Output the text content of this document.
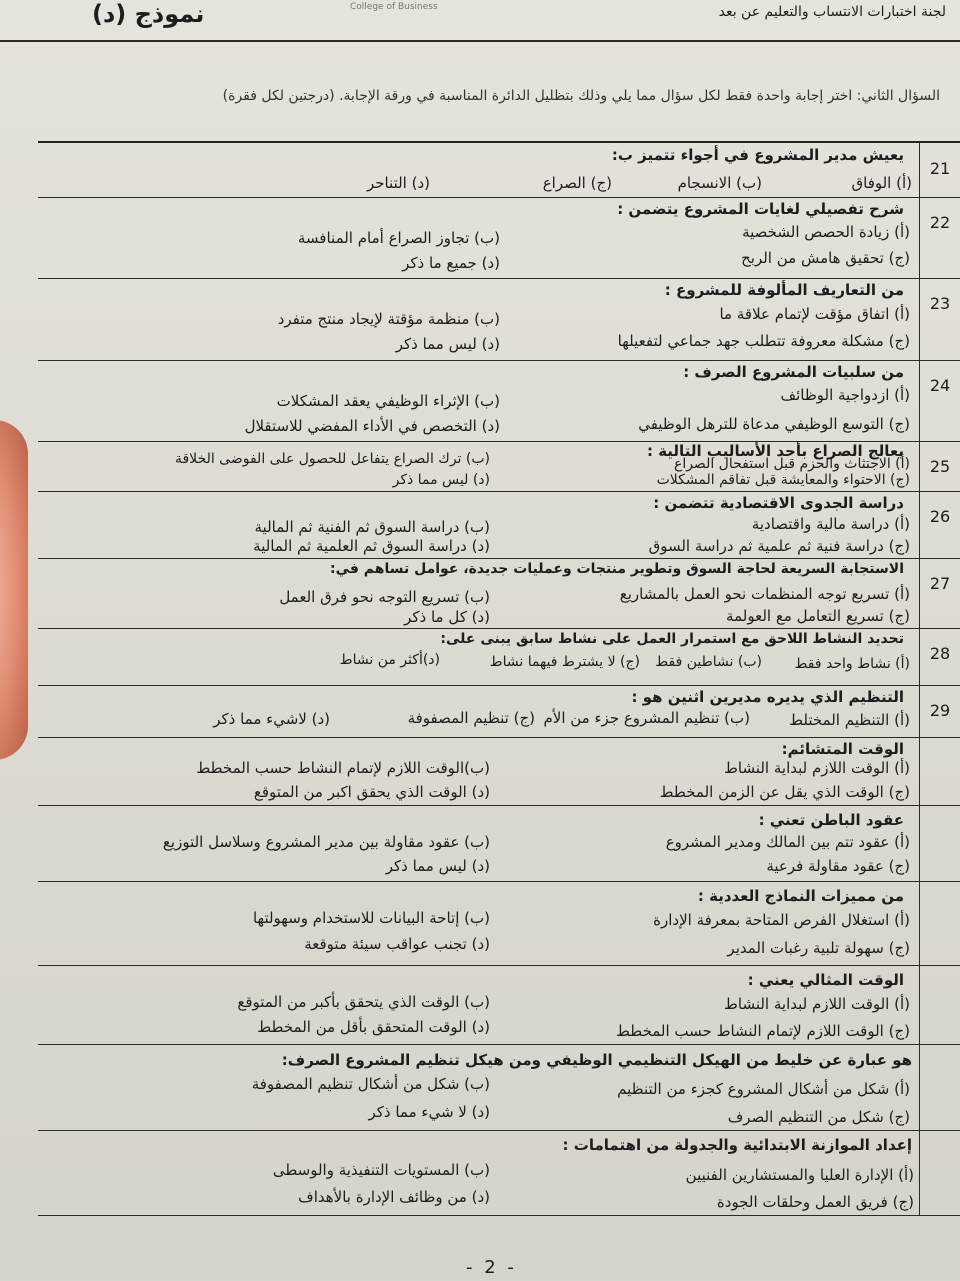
لجنة اختبارات الانتساب والتعليم عن بعد
College of Business
نموذج (د)
السؤال الثاني: اختر إجابة واحدة فقط لكل سؤال مما يلي وذلك بتظليل الدائرة المناسبة في ورقة الإجابة. (درجتين لكل فقرة)
21
يعيش مدير المشروع في أجواء تتميز ب:
(أ) الوفاق
(ب) الانسجام
(ج) الصراع
(د) التناحر
22
شرح تفصيلي لغايات المشروع يتضمن :
(أ) زيادة الحصص الشخصية
(ب) تجاوز الصراع أمام المنافسة
(ج) تحقيق هامش من الربح
(د) جميع ما ذكر
23
من التعاريف المألوفة للمشروع :
(أ) اتفاق مؤقت لإتمام علاقة ما
(ب) منظمة مؤقتة لإيجاد منتج متفرد
(ج) مشكلة معروفة تتطلب جهد جماعي لتفعيلها
(د) ليس مما ذكر
24
من سلبيات المشروع الصرف :
(أ) ازدواجية الوظائف
(ب) الإثراء الوظيفي يعقد المشكلات
(ج) التوسع الوظيفي مدعاة للترهل الوظيفي
(د) التخصص في الأداء المفضي للاستقلال
25
يعالج الصراع بأحد الأساليب التالية :
(أ) الاجتثاث والحزم قبل استفحال الصراع
(ب) ترك الصراع يتفاعل للحصول على الفوضى الخلاقة
(ج) الاحتواء والمعايشة قبل تفاقم المشكلات
(د) ليس مما ذكر
26
دراسة الجدوى الاقتصادية تتضمن :
(أ) دراسة مالية واقتصادية
(ب) دراسة السوق ثم الفنية ثم المالية
(ج) دراسة فنية ثم علمية ثم دراسة السوق
(د) دراسة السوق ثم العلمية ثم المالية
27
الاستجابة السريعة لحاجة السوق وتطوير منتجات وعمليات جديدة، عوامل تساهم في:
(أ) تسريع توجه المنظمات نحو العمل بالمشاريع
(ب) تسريع التوجه نحو فرق العمل
(ج) تسريع التعامل مع العولمة
(د) كل ما ذكر
28
تحديد النشاط اللاحق مع استمرار العمل على نشاط سابق يبنى على:
(أ) نشاط واحد فقط
(ب) نشاطين فقط
(ج) لا يشترط فيهما نشاط
(د)أكثر من نشاط
29
التنظيم الذي يديره مديرين اثنين هو :
(أ) التنظيم المختلط
(ب) تنظيم المشروع جزء من الأم
(ج) تنظيم المصفوفة
(د) لاشيء مما ذكر
الوقت المتشائم:
(أ) الوقت اللازم لبداية النشاط
(ب)الوقت اللازم لإتمام النشاط حسب المخطط
(ج) الوقت الذي يقل عن الزمن المخطط
(د) الوقت الذي يحقق اكبر من المتوقع
عقود الباطن تعني :
(أ) عقود تتم بين المالك ومدير المشروع
(ب) عقود مقاولة بين مدير المشروع وسلاسل التوزيع
(ج) عقود مقاولة فرعية
(د) ليس مما ذكر
من مميزات النماذج العددية :
(أ) استغلال الفرص المتاحة بمعرفة الإدارة
(ب) إتاحة البيانات للاستخدام وسهولتها
(ج) سهولة تلبية رغبات المدير
(د) تجنب عواقب سيئة متوقعة
الوقت المثالي يعني :
(أ) الوقت اللازم لبداية النشاط
(ب) الوقت الذي يتحقق بأكبر من المتوقع
(ج) الوقت اللازم لإتمام النشاط حسب المخطط
(د) الوقت المتحقق بأقل من المخطط
هو عبارة عن خليط من الهيكل التنظيمي الوظيفي ومن هيكل تنظيم المشروع الصرف:
(أ) شكل من أشكال المشروع كجزء من التنظيم
(ب) شكل من أشكال تنظيم المصفوفة
(ج) شكل من التنظيم الصرف
(د) لا شيء مما ذكر
إعداد الموازنة الابتدائية والجدولة من اهتمامات :
(أ) الإدارة العليا والمستشارين الفنيين
(ب) المستويات التنفيذية والوسطى
(ج) فريق العمل وحلقات الجودة
(د) من وظائف الإدارة بالأهداف
- 2 -
